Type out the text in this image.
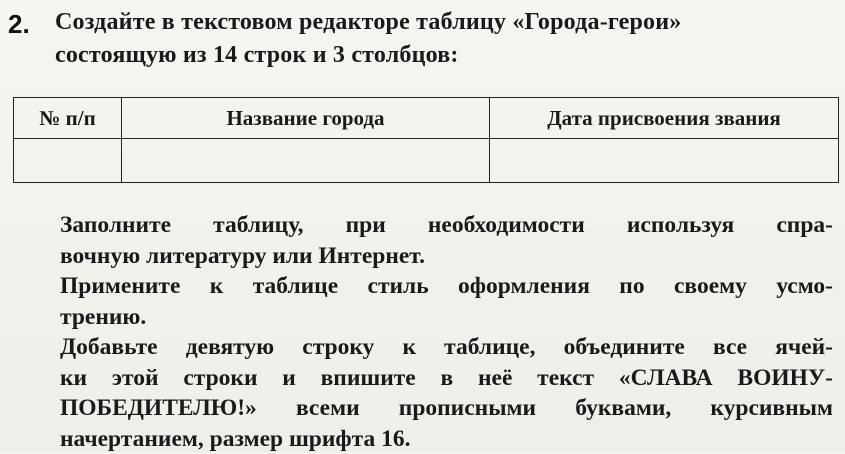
2. Создайте в текстовом редакторе таблицу «Города-герои»
состоящую из 14 строк и 3 столбцов:

№ п/п	Название города	Дата присвоения звания

Заполните таблицу, при необходимости используя спра-
вочную литературу или Интернет.
Примените к таблице стиль оформления по своему усмо-
трению.
Добавьте девятую строку к таблице, объедините все ячей-
ки этой строки и впишите в неё текст «СЛАВА ВОИНУ-
ПОБЕДИТЕЛЮ!» всеми прописными буквами, курсивным
начертанием, размер шрифта 16.
